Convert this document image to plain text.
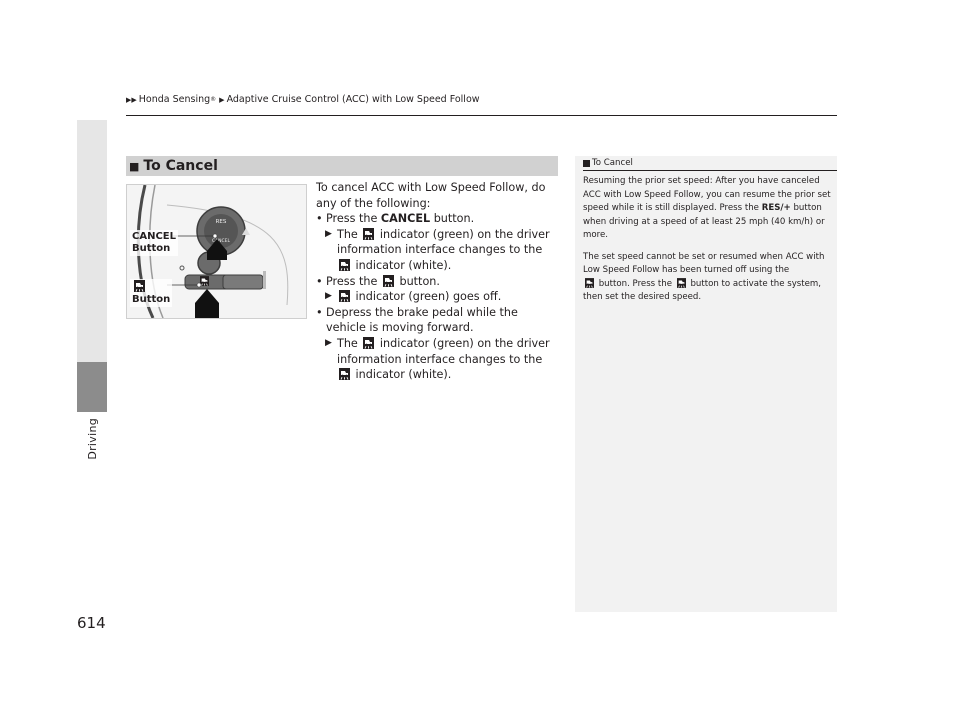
▶▶ Honda Sensing ® ▶ Adaptive Cruise Control (ACC) with Low Speed Follow
Driving
614
■ To Cancel
RES
CANCEL
CANCEL
Button
Button

To cancel ACC with Low Speed Follow, do any of the following:

• Press the CANCEL button.

▶ The  indicator (green) on the driver information interface changes to the  indicator (white).

• Press the  button.

▶ indicator (green) goes off.

• Depress the brake pedal while the vehicle is moving forward.

▶ The  indicator (green) on the driver information interface changes to the  indicator (white).

To Cancel

Resuming the prior set speed: After you have canceled ACC with Low Speed Follow, you can resume the prior set speed while it is still displayed. Press the RES/+ button when driving at a speed of at least 25 mph (40 km/h) or more.

The set speed cannot be set or resumed when ACC with Low Speed Follow has been turned off using the
button. Press the  button to activate the system, then set the desired speed.
